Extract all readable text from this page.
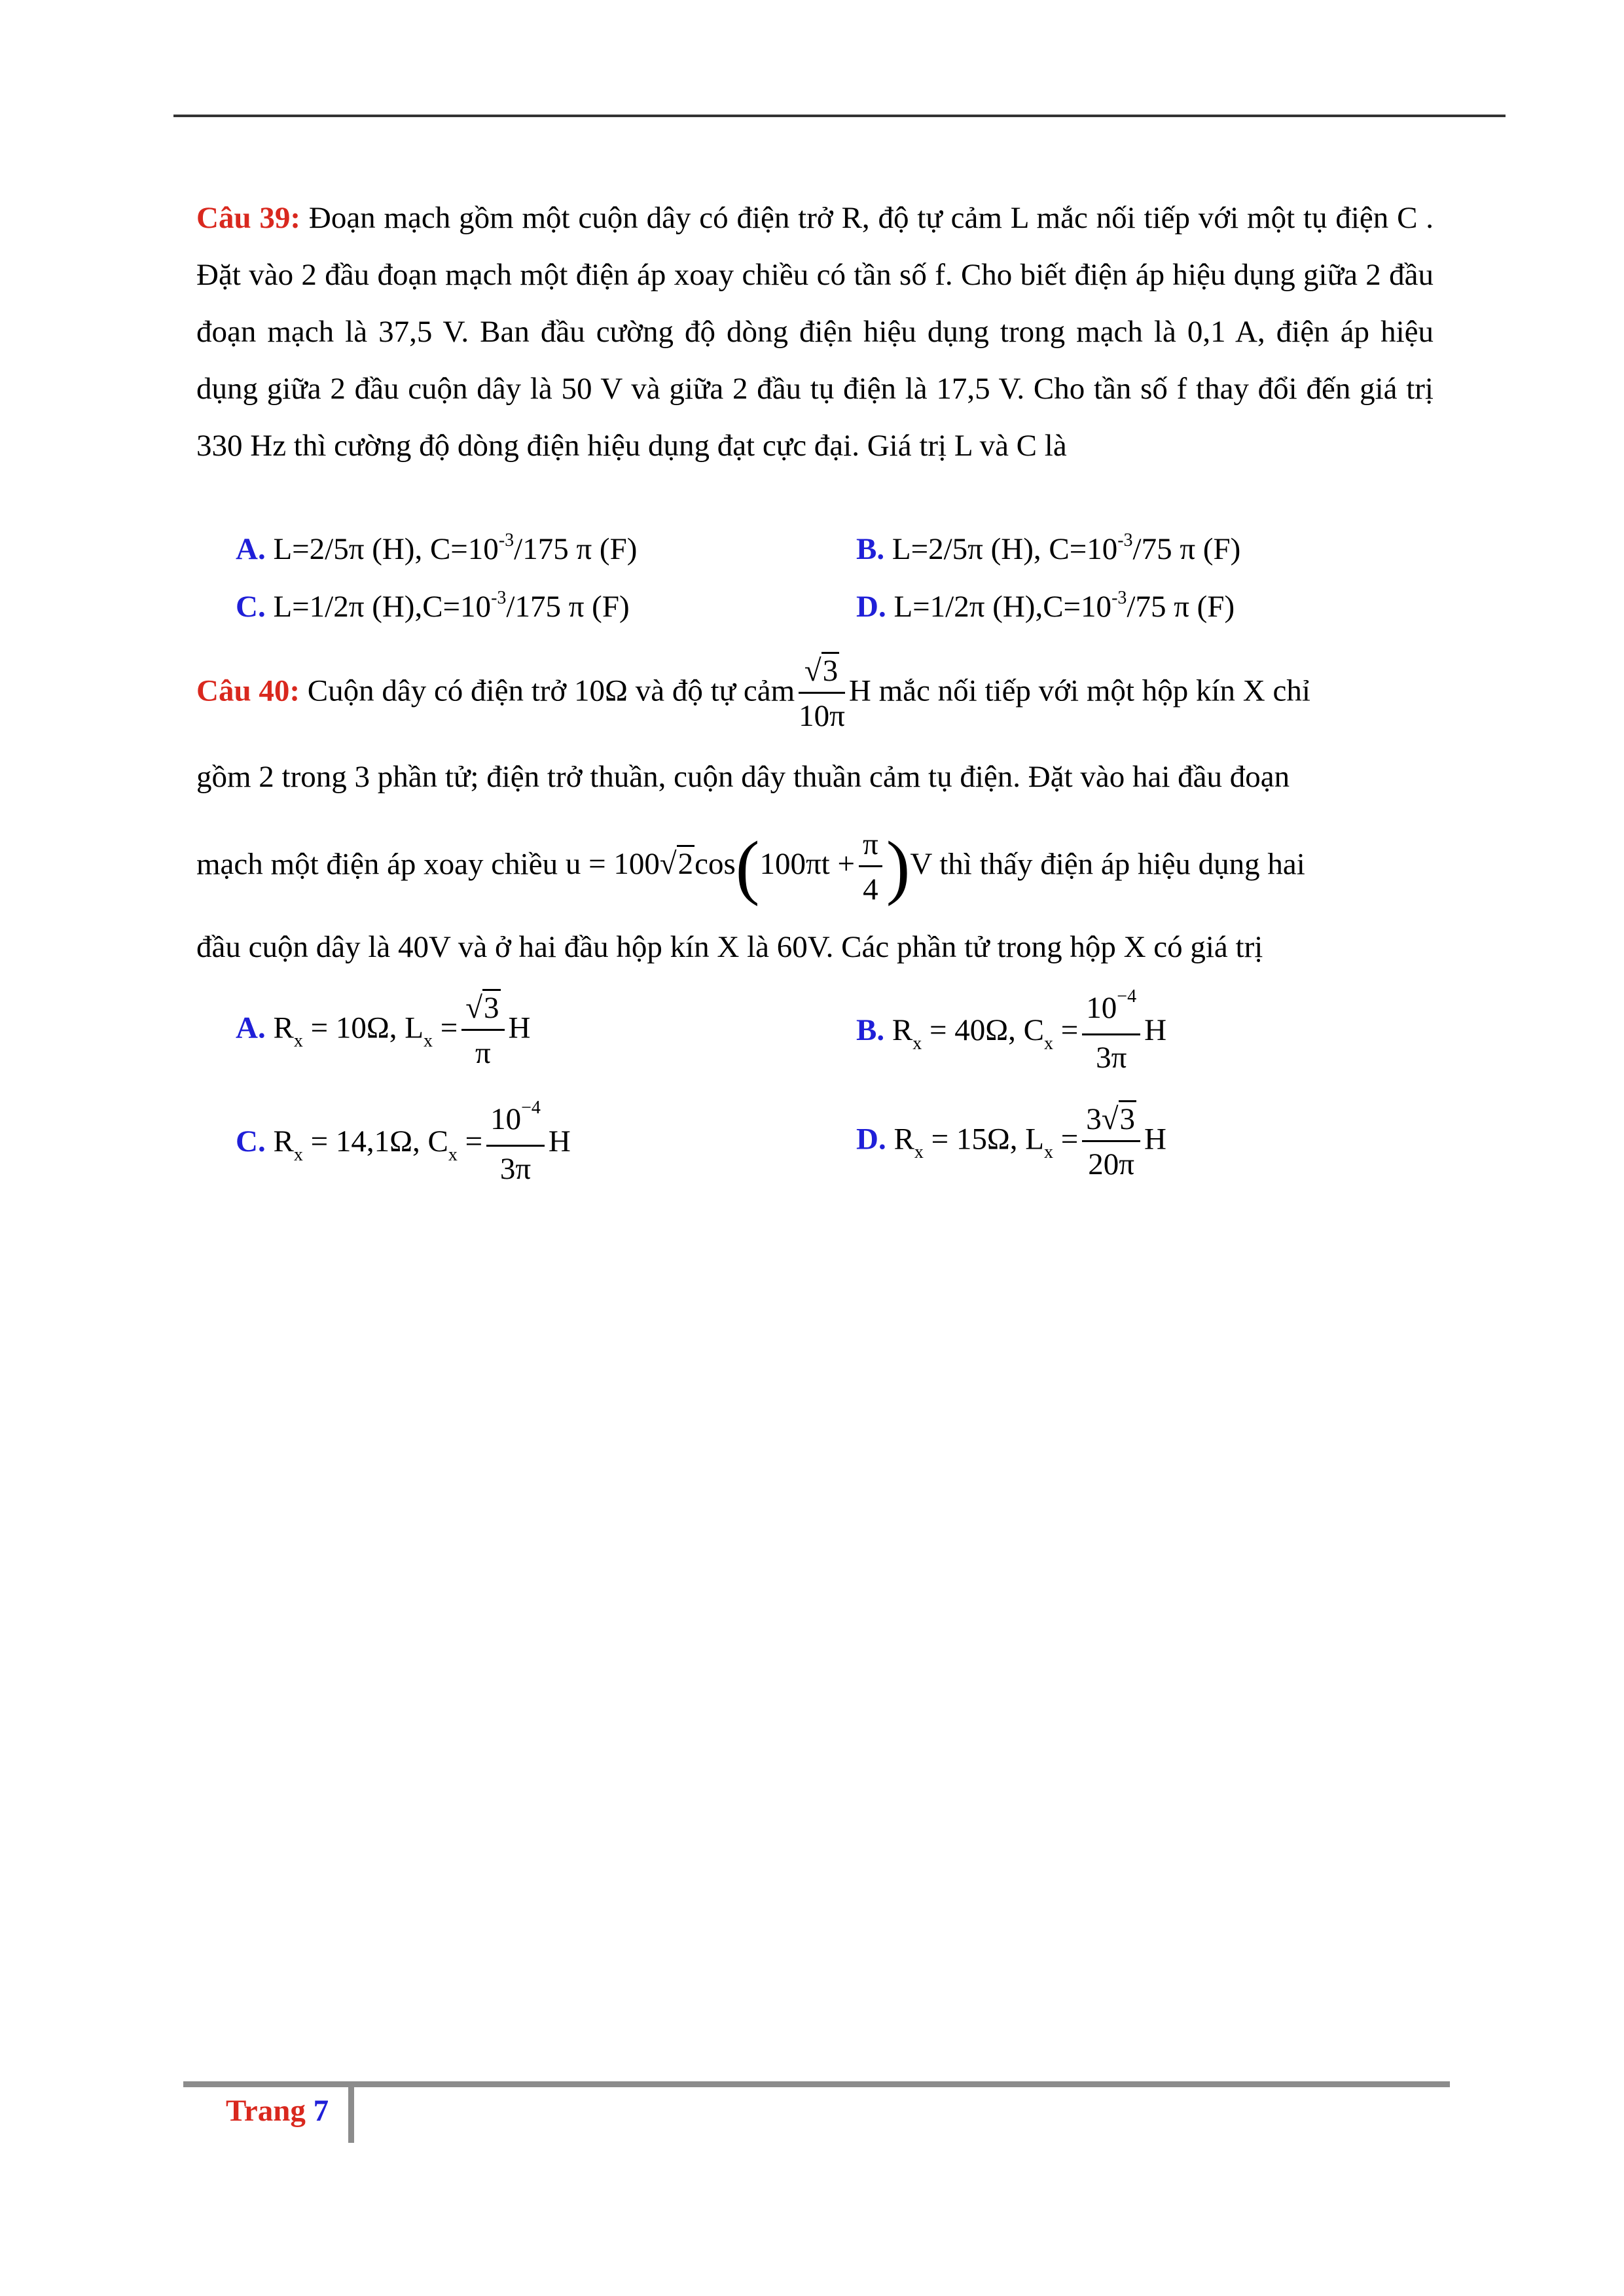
Câu 39: Đoạn mạch gồm một cuộn dây có điện trở R, độ tự cảm L mắc nối tiếp với một tụ điện C . Đặt vào 2 đầu đoạn mạch một điện áp xoay chiều có tần số f. Cho biết điện áp hiệu dụng giữa 2 đầu đoạn mạch là 37,5 V. Ban đầu cường độ dòng điện hiệu dụng trong mạch là 0,1 A, điện áp hiệu dụng giữa 2 đầu cuộn dây là 50 V và giữa 2 đầu tụ điện là 17,5 V. Cho tần số f thay đổi đến giá trị 330 Hz thì cường độ dòng điện hiệu dụng đạt cực đại. Giá trị L và C là
A. L=2/5π (H), $C=10^{-3}/175$ π (F)	B. L=2/5π (H), $C=10^{-3}/75$ π (F)
C. L=1/2π $(H),C=10^{-3}/175$ π (F)	D. L=1/2π $(H),C=10^{-3}/75$ π (F)
Câu 40: Cuộn dây có điện trở 10Ω và độ tự cảm $\frac{√3}{10\pi}$ H mắc nối tiếp với một hộp kín X chỉ
gồm 2 trong 3 phần tử; điện trở thuần, cuộn dây thuần cảm tụ điện. Đặt vào hai đầu đoạn
mạch một điện áp xoay chiều $u = 100√2\cos(100\pi t + \frac{\pi}{4} )V$ thì thấy điện áp hiệu dụng hai
đầu cuộn dây là 40V và ở hai đầu hộp kín X là 60V. Các phần tử trong hộp X có giá trị
A. $R_x = 10\Omega$, $L_x = \frac{√3}{\pi}$ H	B. $R_x = 40\Omega$, $C_x = \frac{10^{-4}}{3\pi}$ H
C. $R_x = 14,1\Omega$, $C_x = \frac{10^{-4}}{3\pi}$ H	D. $R_x = 15\Omega$, $L_x = \frac{3√3}{20\pi}$ H
Trang 7
